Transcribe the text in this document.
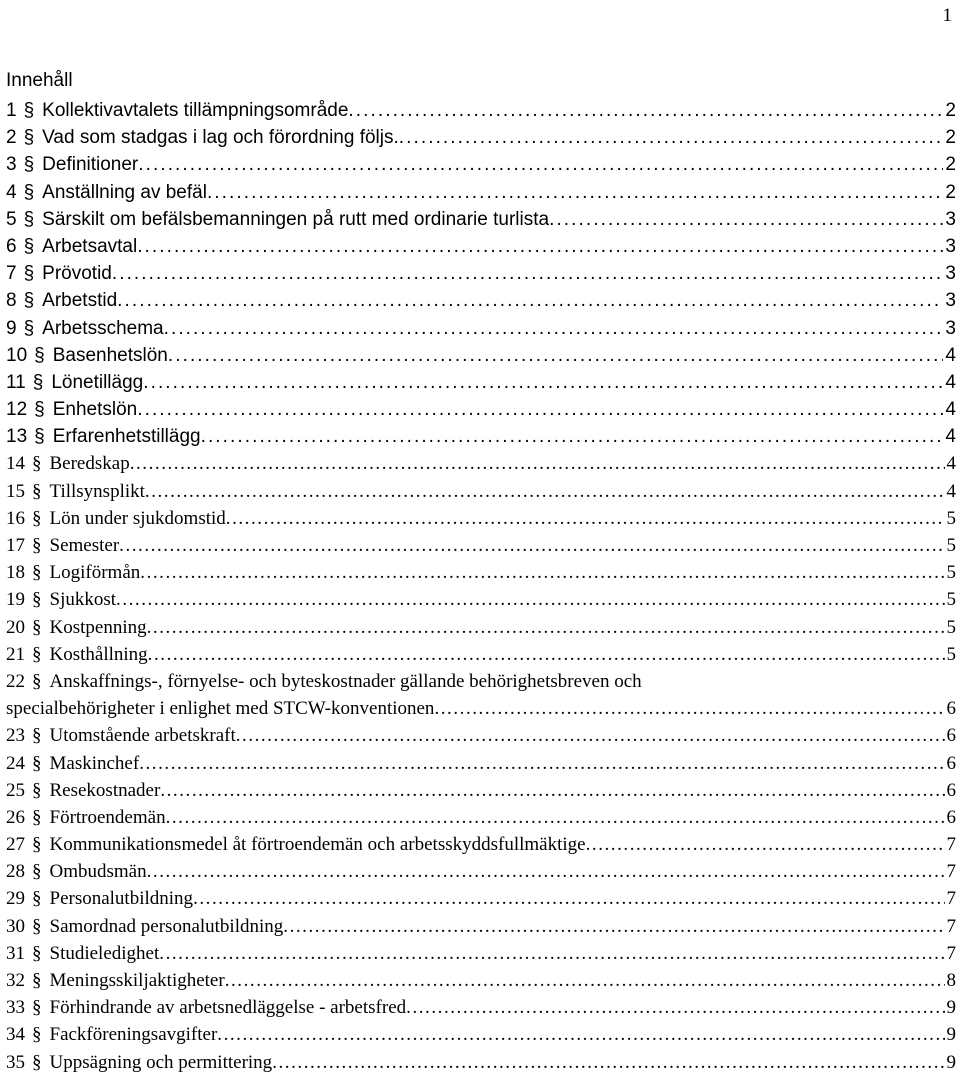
1
Innehåll
1 § Kollektivavtalets tillämpningsområde . . .	2
2 § Vad som stadgas i lag och förordning följs. . . .	2
3 § Definitioner . . .	2
4 § Anställning av befäl . . .	2
5 § Särskilt om befälsbemanningen på rutt med ordinarie turlista . . .	3
6 § Arbetsavtal . . .	3
7 § Prövotid . . .	3
8 § Arbetstid . . .	3
9 § Arbetsschema . . .	3
10 § Basenhetslön . . .	4
11 § Lönetillägg . . .	4
12 § Enhetslön . . .	4
13 § Erfarenhetstillägg . . .	4
14 § Beredskap . . .	4
15 § Tillsynsplikt . . .	4
16 § Lön under sjukdomstid . . .	5
17 § Semester . . .	5
18 § Logiförmån . . .	5
19 § Sjukkost . . .	5
20 § Kostpenning . . .	5
21 § Kosthållning . . .	5
22 § Anskaffnings-, förnyelse- och byteskostnader gällande behörighetsbreven och
specialbehörigheter i enlighet med STCW-konventionen . . .	6
23 § Utomstående arbetskraft . . .	6
24 § Maskinchef . . .	6
25 § Resekostnader . . .	6
26 § Förtroendemän . . .	6
27 § Kommunikationsmedel åt förtroendemän och arbetsskyddsfullmäktige . . .	7
28 § Ombudsmän . . .	7
29 § Personalutbildning . . .	7
30 § Samordnad personalutbildning . . .	7
31 § Studieledighet . . .	7
32 § Meningsskiljaktigheter . . .	8
33 § Förhindrande av arbetsnedläggelse - arbetsfred . . .	9
34 § Fackföreningsavgifter . . .	9
35 § Uppsägning och permittering . . .	9
